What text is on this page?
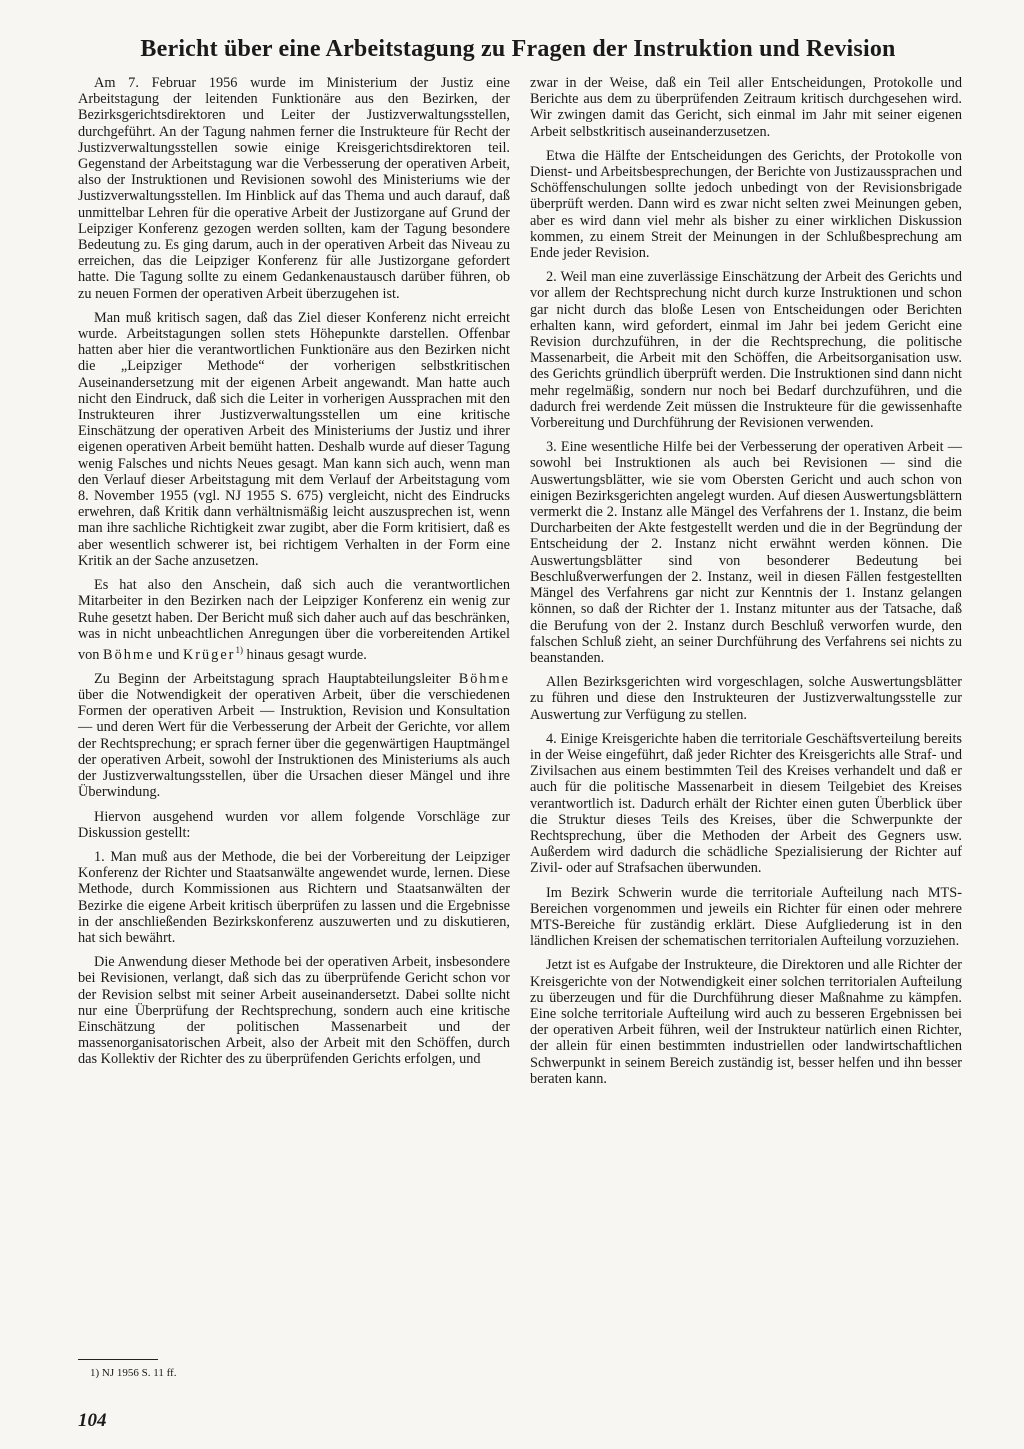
Bericht über eine Arbeitstagung zu Fragen der Instruktion und Revision

Am 7. Februar 1956 wurde im Ministerium der Justiz eine Arbeitstagung der leitenden Funktionäre aus den Bezirken, der Bezirksgerichtsdirektoren und Leiter der Justizverwaltungsstellen, durchgeführt. An der Tagung nahmen ferner die Instrukteure für Recht der Justizverwaltungsstellen sowie einige Kreisgerichtsdirektoren teil. Gegenstand der Arbeitstagung war die Verbesserung der operativen Arbeit, also der Instruktionen und Revisionen sowohl des Ministeriums wie der Justizverwaltungsstellen. Im Hinblick auf das Thema und auch darauf, daß unmittelbar Lehren für die operative Arbeit der Justizorgane auf Grund der Leipziger Konferenz gezogen werden sollten, kam der Tagung besondere Bedeutung zu. Es ging darum, auch in der operativen Arbeit das Niveau zu erreichen, das die Leipziger Konferenz für alle Justizorgane gefordert hatte. Die Tagung sollte zu einem Gedankenaustausch darüber führen, ob zu neuen Formen der operativen Arbeit überzugehen ist.

Man muß kritisch sagen, daß das Ziel dieser Konferenz nicht erreicht wurde. Arbeitstagungen sollen stets Höhepunkte darstellen. Offenbar hatten aber hier die verantwortlichen Funktionäre aus den Bezirken nicht die „Leipziger Methode“ der vorherigen selbstkritischen Auseinandersetzung mit der eigenen Arbeit angewandt. Man hatte auch nicht den Eindruck, daß sich die Leiter in vorherigen Aussprachen mit den Instrukteuren ihrer Justizverwaltungsstellen um eine kritische Einschätzung der operativen Arbeit des Ministeriums der Justiz und ihrer eigenen operativen Arbeit bemüht hatten. Deshalb wurde auf dieser Tagung wenig Falsches und nichts Neues gesagt. Man kann sich auch, wenn man den Verlauf dieser Arbeitstagung mit dem Verlauf der Arbeitstagung vom 8. November 1955 (vgl. NJ 1955 S. 675) vergleicht, nicht des Eindrucks erwehren, daß Kritik dann verhältnismäßig leicht auszusprechen ist, wenn man ihre sachliche Richtigkeit zwar zugibt, aber die Form kritisiert, daß es aber wesentlich schwerer ist, bei richtigem Verhalten in der Form eine Kritik an der Sache anzusetzen.

Es hat also den Anschein, daß sich auch die verantwortlichen Mitarbeiter in den Bezirken nach der Leipziger Konferenz ein wenig zur Ruhe gesetzt haben. Der Bericht muß sich daher auch auf das beschränken, was in nicht unbeachtlichen Anregungen über die vorbereitenden Artikel von Böhme und Krüger$^{1)}$ hinaus gesagt wurde.

Zu Beginn der Arbeitstagung sprach Hauptabteilungsleiter Böhme über die Notwendigkeit der operativen Arbeit, über die verschiedenen Formen der operativen Arbeit — Instruktion, Revision und Konsultation — und deren Wert für die Verbesserung der Arbeit der Gerichte, vor allem der Rechtsprechung; er sprach ferner über die gegenwärtigen Hauptmängel der operativen Arbeit, sowohl der Instruktionen des Ministeriums als auch der Justizverwaltungsstellen, über die Ursachen dieser Mängel und ihre Überwindung.

Hiervon ausgehend wurden vor allem folgende Vorschläge zur Diskussion gestellt:

1. Man muß aus der Methode, die bei der Vorbereitung der Leipziger Konferenz der Richter und Staatsanwälte angewendet wurde, lernen. Diese Methode, durch Kommissionen aus Richtern und Staatsanwälten der Bezirke die eigene Arbeit kritisch überprüfen zu lassen und die Ergebnisse in der anschließenden Bezirkskonferenz auszuwerten und zu diskutieren, hat sich bewährt.

Die Anwendung dieser Methode bei der operativen Arbeit, insbesondere bei Revisionen, verlangt, daß sich das zu überprüfende Gericht schon vor der Revision selbst mit seiner Arbeit auseinandersetzt. Dabei sollte nicht nur eine Überprüfung der Rechtsprechung, sondern auch eine kritische Einschätzung der politischen Massenarbeit und der massenorganisatorischen Arbeit, also der Arbeit mit den Schöffen, durch das Kollektiv der Richter des zu überprüfenden Gerichts erfolgen, und

zwar in der Weise, daß ein Teil aller Entscheidungen, Protokolle und Berichte aus dem zu überprüfenden Zeitraum kritisch durchgesehen wird. Wir zwingen damit das Gericht, sich einmal im Jahr mit seiner eigenen Arbeit selbstkritisch auseinanderzusetzen.

Etwa die Hälfte der Entscheidungen des Gerichts, der Protokolle von Dienst- und Arbeitsbesprechungen, der Berichte von Justizaussprachen und Schöffenschulungen sollte jedoch unbedingt von der Revisionsbrigade überprüft werden. Dann wird es zwar nicht selten zwei Meinungen geben, aber es wird dann viel mehr als bisher zu einer wirklichen Diskussion kommen, zu einem Streit der Meinungen in der Schlußbesprechung am Ende jeder Revision.

2. Weil man eine zuverlässige Einschätzung der Arbeit des Gerichts und vor allem der Rechtsprechung nicht durch kurze Instruktionen und schon gar nicht durch das bloße Lesen von Entscheidungen oder Berichten erhalten kann, wird gefordert, einmal im Jahr bei jedem Gericht eine Revision durchzuführen, in der die Rechtsprechung, die politische Massenarbeit, die Arbeit mit den Schöffen, die Arbeitsorganisation usw. des Gerichts gründlich überprüft werden. Die Instruktionen sind dann nicht mehr regelmäßig, sondern nur noch bei Bedarf durchzuführen, und die dadurch frei werdende Zeit müssen die Instrukteure für die gewissenhafte Vorbereitung und Durchführung der Revisionen verwenden.

3. Eine wesentliche Hilfe bei der Verbesserung der operativen Arbeit — sowohl bei Instruktionen als auch bei Revisionen — sind die Auswertungsblätter, wie sie vom Obersten Gericht und auch schon von einigen Bezirksgerichten angelegt wurden. Auf diesen Auswertungsblättern vermerkt die 2. Instanz alle Mängel des Verfahrens der 1. Instanz, die beim Durcharbeiten der Akte festgestellt werden und die in der Begründung der Entscheidung der 2. Instanz nicht erwähnt werden können. Die Auswertungsblätter sind von besonderer Bedeutung bei Beschlußverwerfungen der 2. Instanz, weil in diesen Fällen festgestellten Mängel des Verfahrens gar nicht zur Kenntnis der 1. Instanz gelangen können, so daß der Richter der 1. Instanz mitunter aus der Tatsache, daß die Berufung von der 2. Instanz durch Beschluß verworfen wurde, den falschen Schluß zieht, an seiner Durchführung des Verfahrens sei nichts zu beanstanden.

Allen Bezirksgerichten wird vorgeschlagen, solche Auswertungsblätter zu führen und diese den Instrukteuren der Justizverwaltungsstelle zur Auswertung zur Verfügung zu stellen.

4. Einige Kreisgerichte haben die territoriale Geschäftsverteilung bereits in der Weise eingeführt, daß jeder Richter des Kreisgerichts alle Straf- und Zivilsachen aus einem bestimmten Teil des Kreises verhandelt und daß er auch für die politische Massenarbeit in diesem Teilgebiet des Kreises verantwortlich ist. Dadurch erhält der Richter einen guten Überblick über die Struktur dieses Teils des Kreises, über die Schwerpunkte der Rechtsprechung, über die Methoden der Arbeit des Gegners usw. Außerdem wird dadurch die schädliche Spezialisierung der Richter auf Zivil- oder auf Strafsachen überwunden.

Im Bezirk Schwerin wurde die territoriale Aufteilung nach MTS-Bereichen vorgenommen und jeweils ein Richter für einen oder mehrere MTS-Bereiche für zuständig erklärt. Diese Aufgliederung ist in den ländlichen Kreisen der schematischen territorialen Aufteilung vorzuziehen.

Jetzt ist es Aufgabe der Instrukteure, die Direktoren und alle Richter der Kreisgerichte von der Notwendigkeit einer solchen territorialen Aufteilung zu überzeugen und für die Durchführung dieser Maßnahme zu kämpfen. Eine solche territoriale Aufteilung wird auch zu besseren Ergebnissen bei der operativen Arbeit führen, weil der Instrukteur natürlich einen Richter, der allein für einen bestimmten industriellen oder landwirtschaftlichen Schwerpunkt in seinem Bereich zuständig ist, besser helfen und ihn besser beraten kann.

1) NJ 1956 S. 11 ff.
104
